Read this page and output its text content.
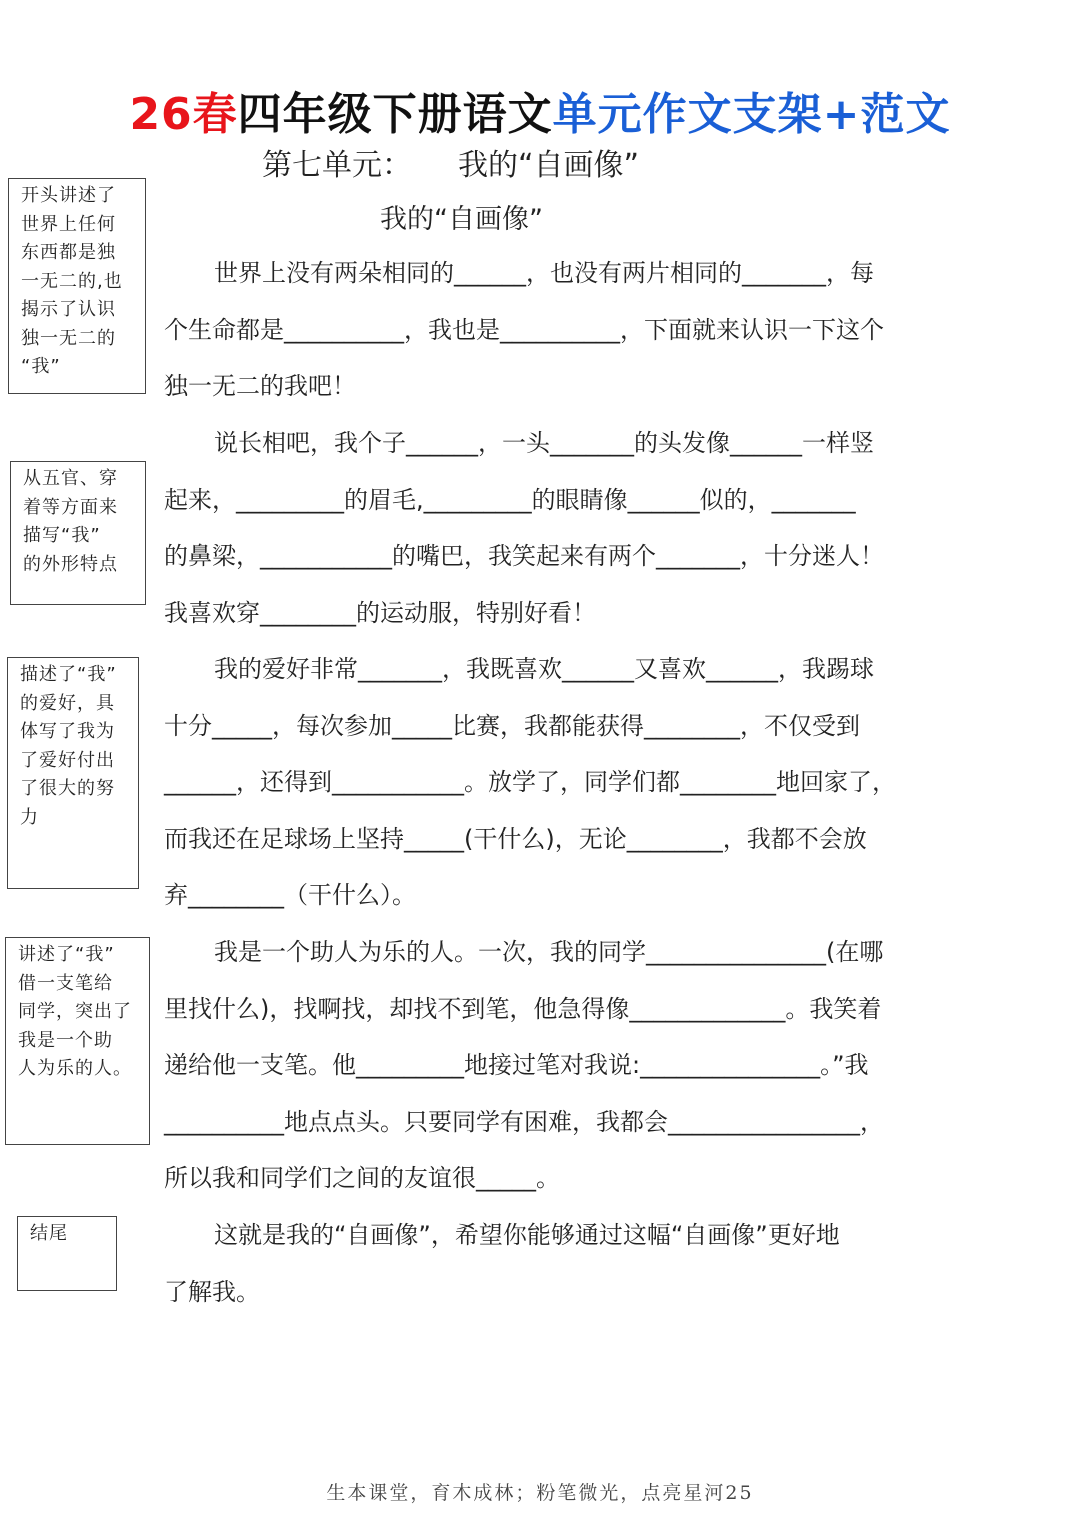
26春四年级下册语文单元作文支架+范文
第七单元： 我的“自画像”
我的“自画像”
开头讲述了
世界上任何
东西都是独
一无二的,也
揭示了认识
独一无二的
“我”
从五官、穿
着等方面来
描写“我”
的外形特点
描述了“我”
的爱好，具
体写了我为
了爱好付出
了很大的努
力
讲述了“我”
借一支笔给
同学，突出了
我是一个助
人为乐的人。
结尾
世界上没有两朵相同的______，也没有两片相同的_______，每
个生命都是__________，我也是__________，下面就来认识一下这个
独一无二的我吧！
说长相吧，我个子______，一头_______的头发像______一样竖
起来，_________的眉毛,_________的眼睛像______似的，_______
的鼻梁，___________的嘴巴，我笑起来有两个_______，十分迷人！
我喜欢穿________的运动服，特别好看！
我的爱好非常_______，我既喜欢______又喜欢______，我踢球
十分_____，每次参加_____比赛，我都能获得________，不仅受到
______，还得到___________。放学了，同学们都________地回家了，
而我还在足球场上坚持_____(干什么)，无论________，我都不会放
弃________（干什么）。
我是一个助人为乐的人。一次，我的同学_______________(在哪
里找什么)，找啊找，却找不到笔，他急得像_____________。我笑着
递给他一支笔。他_________地接过笔对我说:_______________。”我
__________地点点头。只要同学有困难，我都会________________，
所以我和同学们之间的友谊很_____。
这就是我的“自画像”，希望你能够通过这幅“自画像”更好地
了解我。
生本课堂，育木成林；粉笔微光，点亮星河25
